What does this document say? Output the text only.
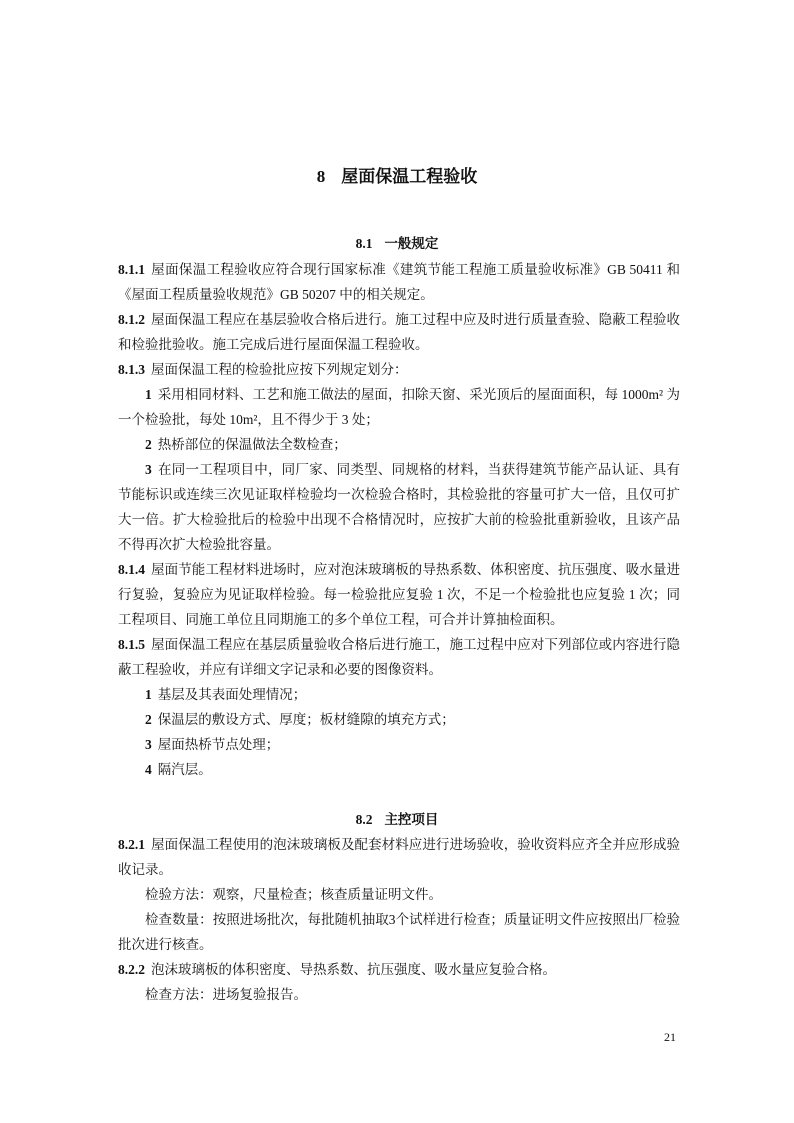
8 屋面保温工程验收
8.1 一般规定

8.1.1 屋面保温工程验收应符合现行国家标准《建筑节能工程施工质量验收标准》GB 50411 和《屋面工程质量验收规范》GB 50207 中的相关规定。

8.1.2 屋面保温工程应在基层验收合格后进行。施工过程中应及时进行质量查验、隐蔽工程验收和检验批验收。施工完成后进行屋面保温工程验收。

8.1.3 屋面保温工程的检验批应按下列规定划分：

1 采用相同材料、工艺和施工做法的屋面，扣除天窗、采光顶后的屋面面积，每 1000m² 为一个检验批，每处 10m²，且不得少于 3 处；

2 热桥部位的保温做法全数检查；

3 在同一工程项目中，同厂家、同类型、同规格的材料，当获得建筑节能产品认证、具有节能标识或连续三次见证取样检验均一次检验合格时，其检验批的容量可扩大一倍，且仅可扩大一倍。扩大检验批后的检验中出现不合格情况时，应按扩大前的检验批重新验收，且该产品不得再次扩大检验批容量。

8.1.4 屋面节能工程材料进场时，应对泡沫玻璃板的导热系数、体积密度、抗压强度、吸水量进行复验，复验应为见证取样检验。每一检验批应复验 1 次，不足一个检验批也应复验 1 次；同工程项目、同施工单位且同期施工的多个单位工程，可合并计算抽检面积。

8.1.5 屋面保温工程应在基层质量验收合格后进行施工，施工过程中应对下列部位或内容进行隐蔽工程验收，并应有详细文字记录和必要的图像资料。

1 基层及其表面处理情况；

2 保温层的敷设方式、厚度；板材缝隙的填充方式；

3 屋面热桥节点处理；

4 隔汽层。

8.2 主控项目

8.2.1 屋面保温工程使用的泡沫玻璃板及配套材料应进行进场验收，验收资料应齐全并应形成验收记录。

检验方法：观察，尺量检查；核查质量证明文件。

检查数量：按照进场批次，每批随机抽取3个试样进行检查；质量证明文件应按照出厂检验批次进行核查。

8.2.2 泡沫玻璃板的体积密度、导热系数、抗压强度、吸水量应复验合格。

检查方法：进场复验报告。

21
